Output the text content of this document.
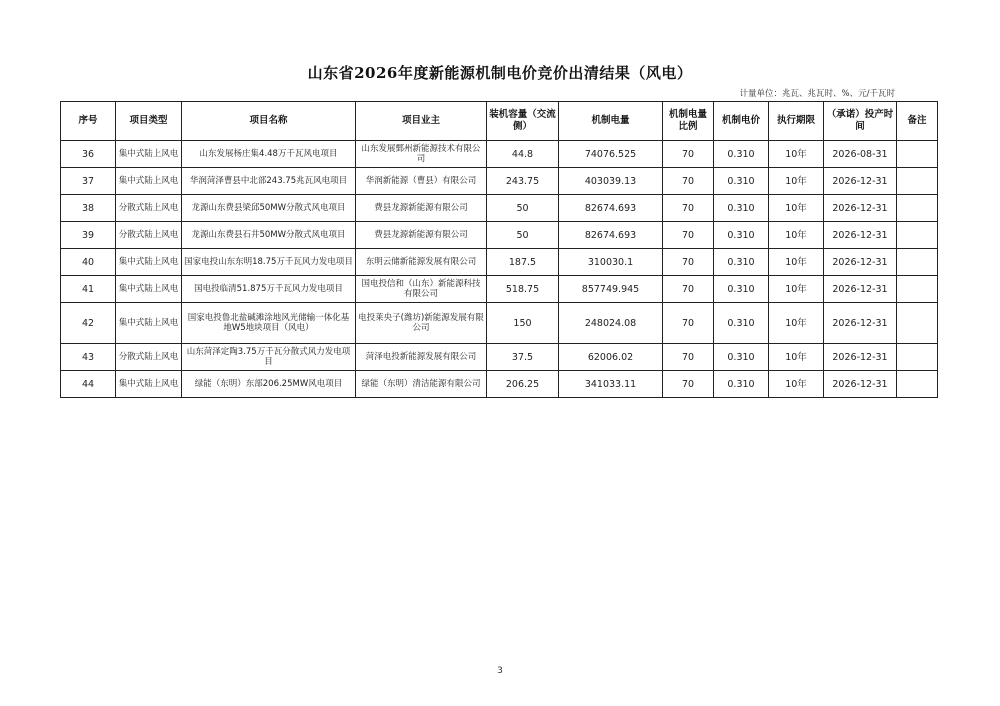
山东省2026年度新能源机制电价竞价出清结果（风电）
计量单位：兆瓦、兆瓦时、%、元/千瓦时
序号	项目类型	项目名称	项目业主	装机容量（交流侧）	机制电量	机制电量比例	机制电价	执行期限	（承诺）投产时间	备注
36	集中式陆上风电	山东发展杨庄集4.48万千瓦风电项目	山东发展鄄州新能源技术有限公司	44.8	74076.525	70	0.310	10年	2026-08-31	
37	集中式陆上风电	华润菏泽曹县中北部243.75兆瓦风电项目	华润新能源（曹县）有限公司	243.75	403039.13	70	0.310	10年	2026-12-31	
38	分散式陆上风电	龙源山东费县梁邱50MW分散式风电项目	费县龙源新能源有限公司	50	82674.693	70	0.310	10年	2026-12-31	
39	分散式陆上风电	龙源山东费县石井50MW分散式风电项目	费县龙源新能源有限公司	50	82674.693	70	0.310	10年	2026-12-31	
40	集中式陆上风电	国家电投山东东明18.75万千瓦风力发电项目	东明云储新能源发展有限公司	187.5	310030.1	70	0.310	10年	2026-12-31	
41	集中式陆上风电	国电投临清51.875万千瓦风力发电项目	国电投信和（山东）新能源科技有限公司	518.75	857749.945	70	0.310	10年	2026-12-31	
42	集中式陆上风电	国家电投鲁北盐碱滩涂地风光储输一体化基地W5地块项目（风电）	电投莱央子(潍坊)新能源发展有限公司	150	248024.08	70	0.310	10年	2026-12-31	
43	分散式陆上风电	山东菏泽定陶3.75万千瓦分散式风力发电项目	菏泽电投新能源发展有限公司	37.5	62006.02	70	0.310	10年	2026-12-31	
44	集中式陆上风电	绿能（东明）东部206.25MW风电项目	绿能（东明）清洁能源有限公司	206.25	341033.11	70	0.310	10年	2026-12-31	
3
